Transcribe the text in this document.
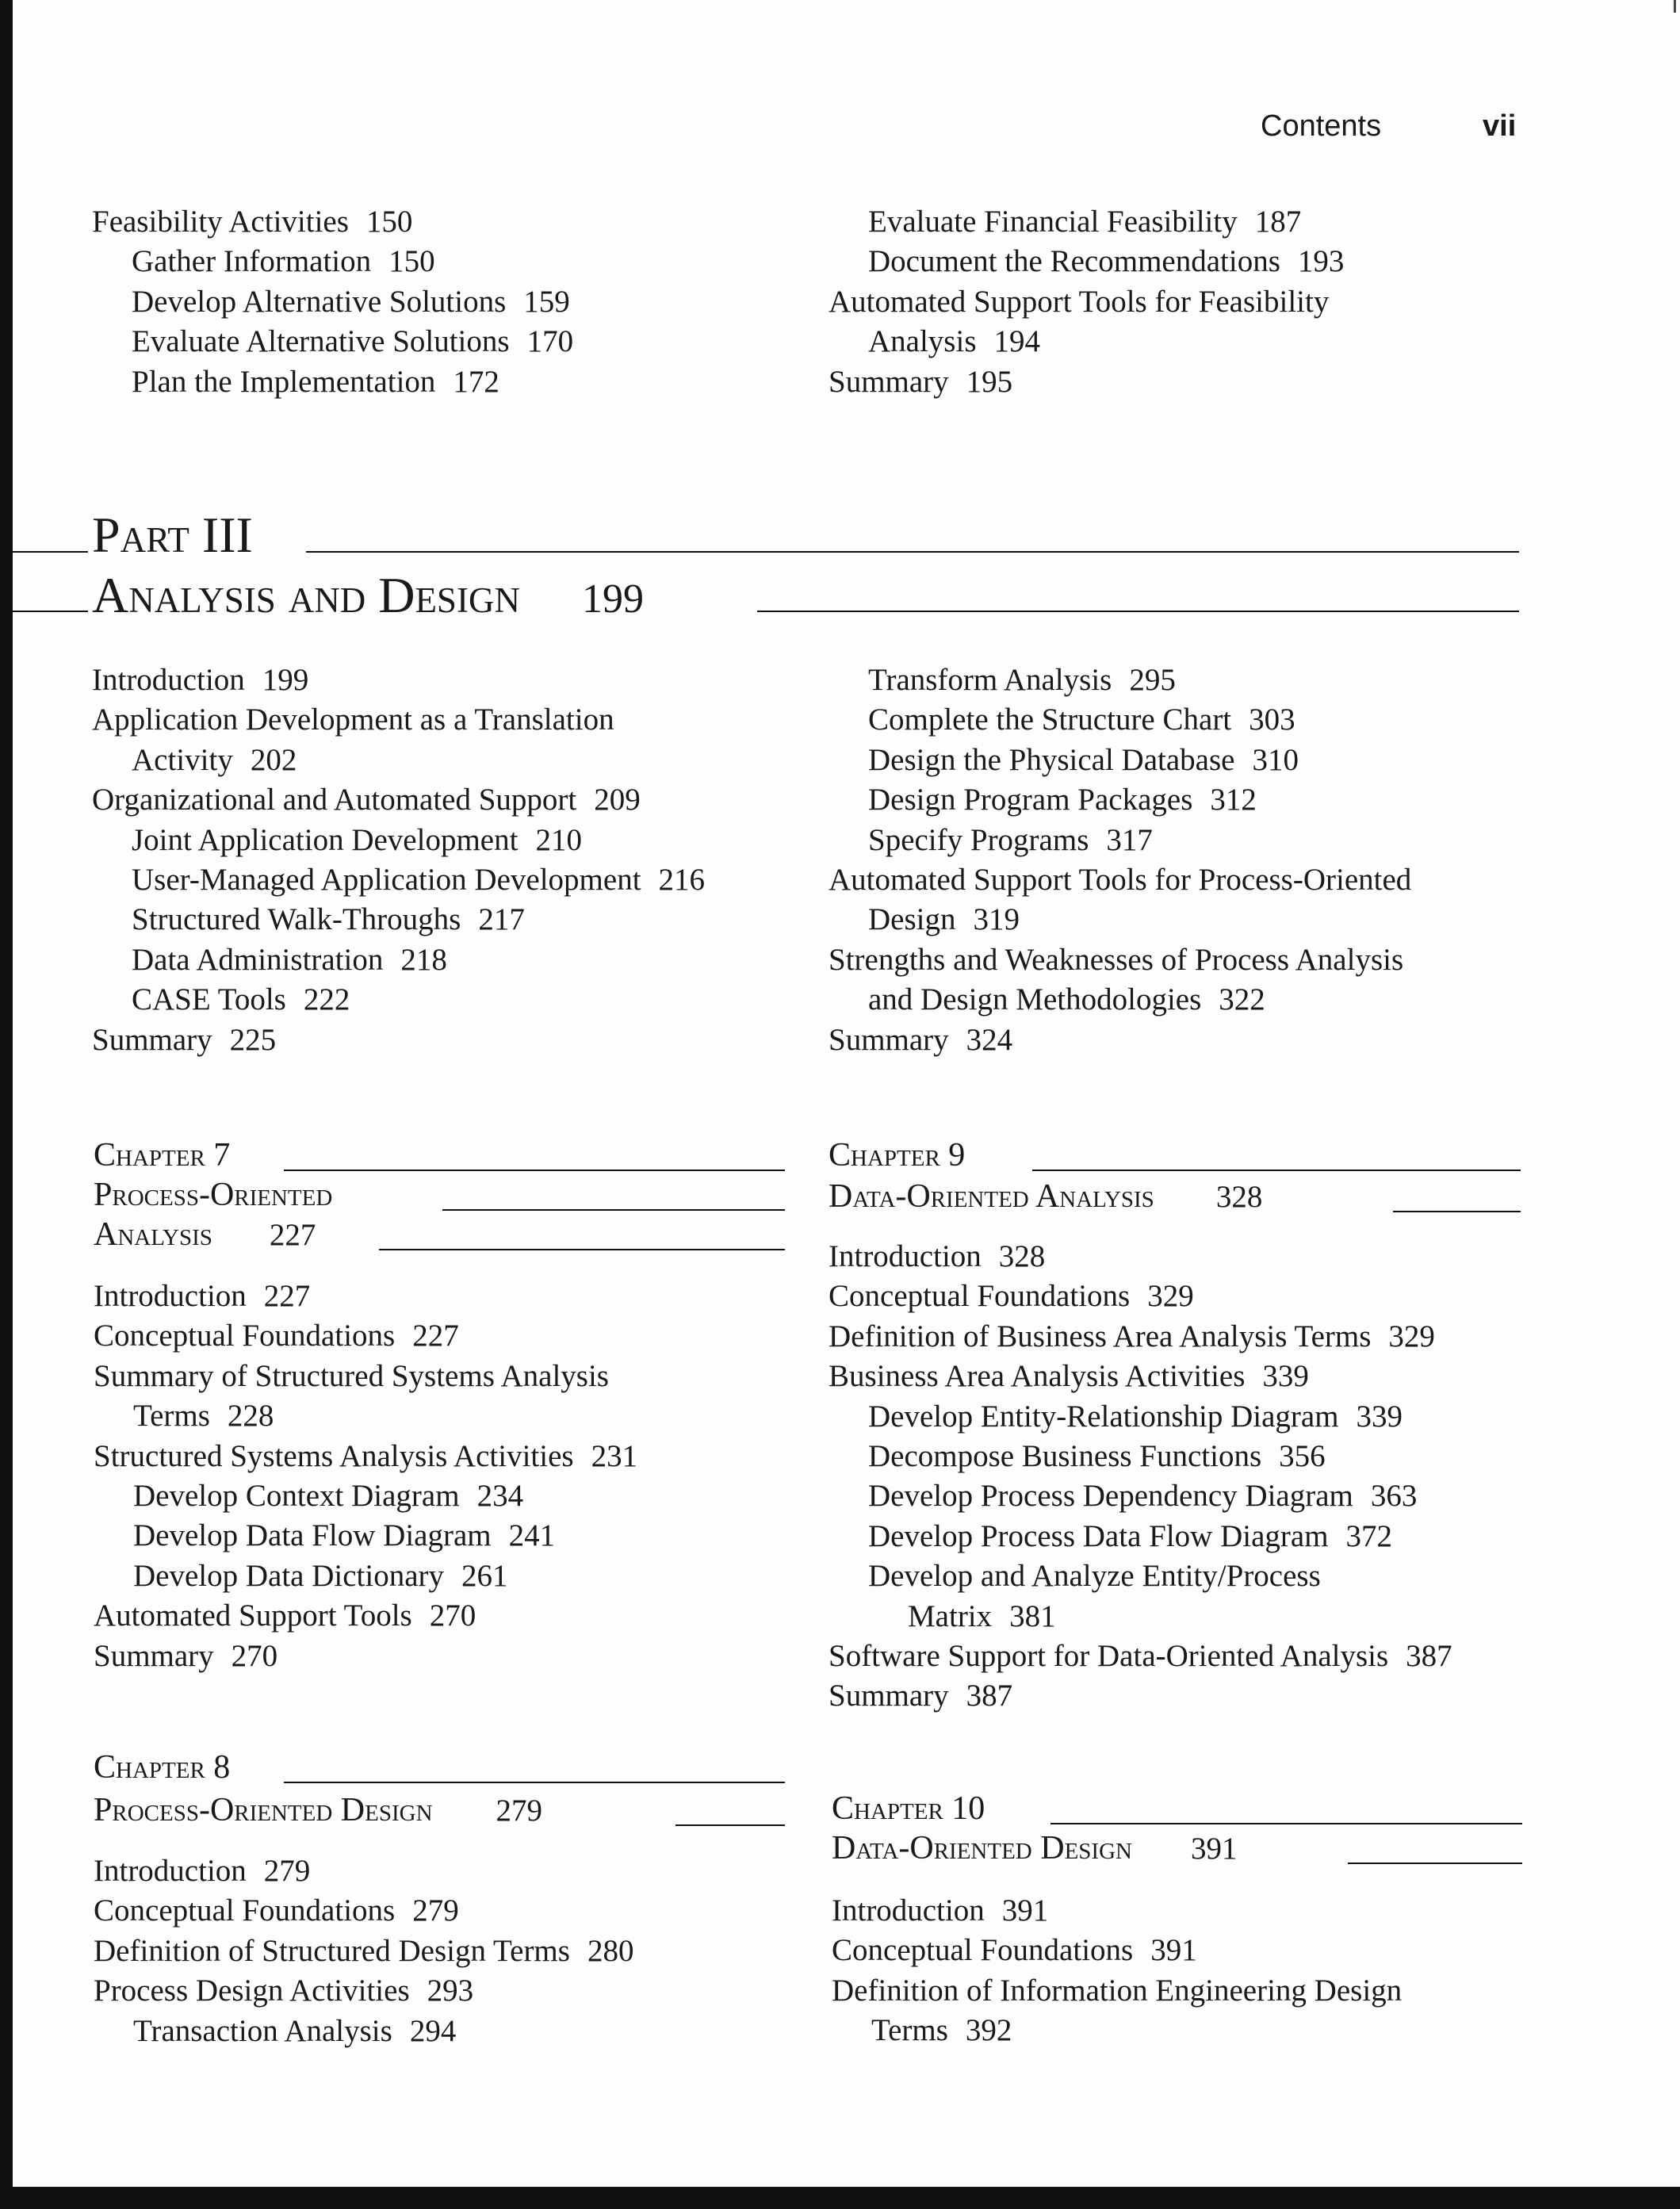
Contents	vii
Feasibility Activities 150
Gather Information 150
Develop Alternative Solutions 159
Evaluate Alternative Solutions 170
Plan the Implementation 172
Evaluate Financial Feasibility 187
Document the Recommendations 193
Automated Support Tools for Feasibility
Analysis 194
Summary 195
Part III
Analysis and Design 199
Introduction 199
Application Development as a Translation
Activity 202
Organizational and Automated Support 209
Joint Application Development 210
User-Managed Application Development 216
Structured Walk-Throughs 217
Data Administration 218
CASE Tools 222
Summary 225
Transform Analysis 295
Complete the Structure Chart 303
Design the Physical Database 310
Design Program Packages 312
Specify Programs 317
Automated Support Tools for Process-Oriented
Design 319
Strengths and Weaknesses of Process Analysis
and Design Methodologies 322
Summary 324
Chapter 7
Process-Oriented
Analysis 227
Introduction 227
Conceptual Foundations 227
Summary of Structured Systems Analysis
Terms 228
Structured Systems Analysis Activities 231
Develop Context Diagram 234
Develop Data Flow Diagram 241
Develop Data Dictionary 261
Automated Support Tools 270
Summary 270
Chapter 8
Process-Oriented Design 279
Introduction 279
Conceptual Foundations 279
Definition of Structured Design Terms 280
Process Design Activities 293
Transaction Analysis 294
Chapter 9
Data-Oriented Analysis 328
Introduction 328
Conceptual Foundations 329
Definition of Business Area Analysis Terms 329
Business Area Analysis Activities 339
Develop Entity-Relationship Diagram 339
Decompose Business Functions 356
Develop Process Dependency Diagram 363
Develop Process Data Flow Diagram 372
Develop and Analyze Entity/Process
Matrix 381
Software Support for Data-Oriented Analysis 387
Summary 387
Chapter 10
Data-Oriented Design 391
Introduction 391
Conceptual Foundations 391
Definition of Information Engineering Design
Terms 392
